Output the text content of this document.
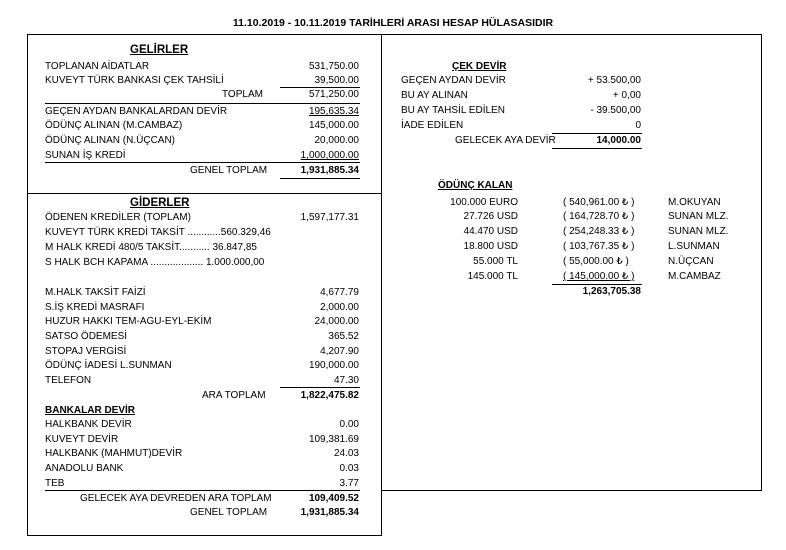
11.10.2019 - 10.11.2019 TARİHLERİ ARASI HESAP HÜLASASIDIR
GELİRLER
TOPLANAN AİDATLAR	531,750.00
KUVEYT TÜRK BANKASI ÇEK TAHSİLİ	39,500.00
TOPLAM	571,250.00
GEÇEN AYDAN BANKALARDAN DEVİR	195,635.34
ÖDÜNÇ ALINAN (M.CAMBAZ)	145,000.00
ÖDÜNÇ ALINAN (N.ÜÇCAN)	20,000.00
SUNAN İŞ KREDİ	1,000,000.00
GENEL TOPLAM	1,931,885.34
GİDERLER
ÖDENEN KREDİLER (TOPLAM)	1,597,177.31
KUVEYT TÜRK KREDİ TAKSİT ............560.329,46
M HALK KREDİ 480/5 TAKSİT........... 36.847,85
S HALK BCH KAPAMA ................... 1.000.000,00
M.HALK TAKSİT FAİZİ	4,677.79
S.İŞ KREDİ MASRAFI	2,000.00
HUZUR HAKKI TEM-AGU-EYL-EKİM	24,000.00
SATSO ÖDEMESİ	365.52
STOPAJ VERGİSİ	4,207.90
ÖDÜNÇ İADESİ L.SUNMAN	190,000.00
TELEFON	47.30
ARA TOPLAM	1,822,475.82
BANKALAR DEVİR
HALKBANK DEVİR	0.00
KUVEYT DEVİR	109,381.69
HALKBANK (MAHMUT)DEVİR	24.03
ANADOLU BANK	0.03
TEB	3.77
GELECEK AYA DEVREDEN ARA TOPLAM	109,409.52
GENEL TOPLAM	1,931,885.34
ÇEK DEVİR
GEÇEN AYDAN DEVİR	+ 53.500,00
BU AY ALINAN	+ 0,00
BU AY TAHSİL EDİLEN	- 39.500,00
İADE EDİLEN	0
GELECEK AYA DEVİR	14,000.00
ÖDÜNÇ KALAN
100.000 EURO	( 540,961.00 ₺ )	M.OKUYAN
27.726 USD	( 164,728.70 ₺ )	SUNAN MLZ.
44.470 USD	( 254,248.33 ₺ )	SUNAN MLZ.
18.800 USD	( 103,767.35 ₺ )	L.SUNMAN
55.000 TL	( 55,000.00 ₺ )	N.ÜÇCAN
145.000 TL	( 145,000.00 ₺ )	M.CAMBAZ
1,263,705.38
